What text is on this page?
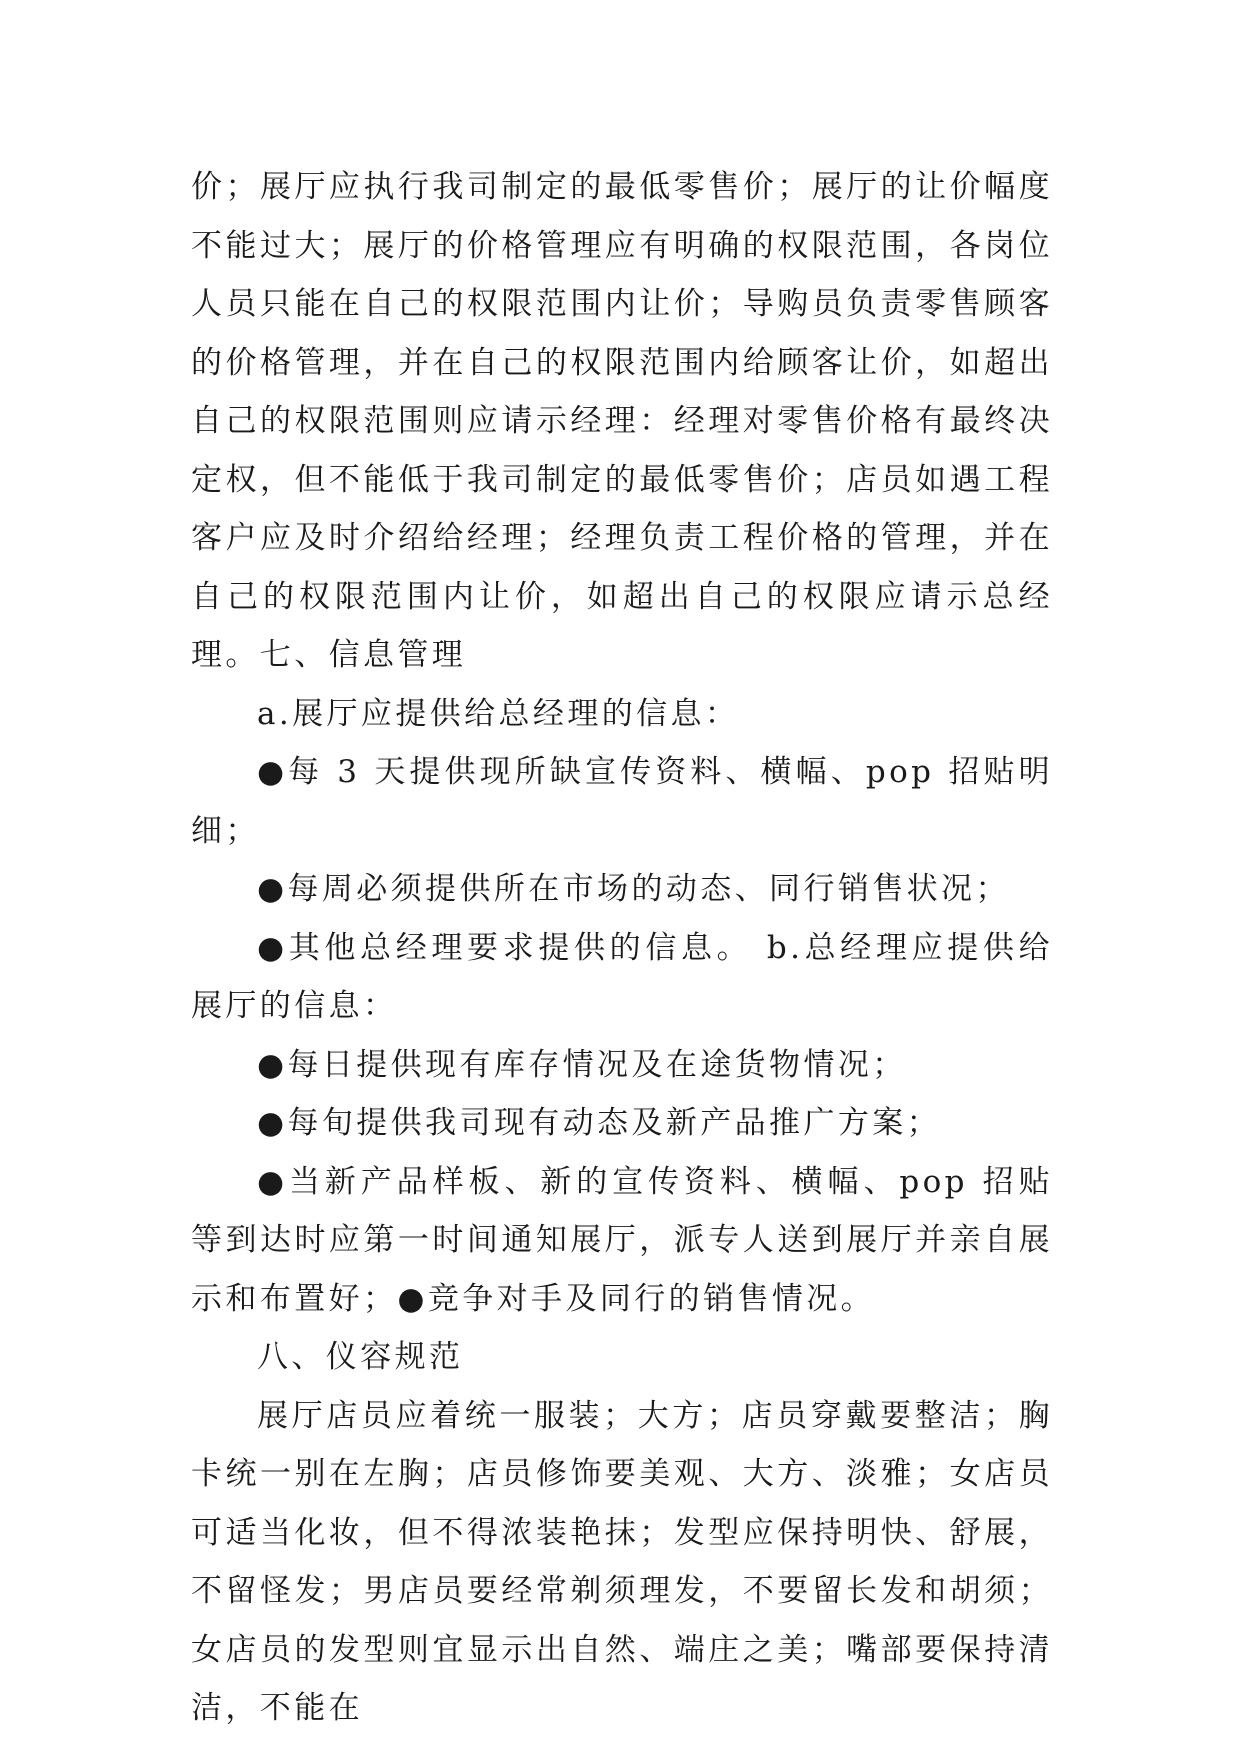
价；展厅应执行我司制定的最低零售价；展厅的让价幅度不能过大；展厅的价格管理应有明确的权限范围，各岗位人员只能在自己的权限范围内让价；导购员负责零售顾客的价格管理，并在自己的权限范围内给顾客让价，如超出自己的权限范围则应请示经理：经理对零售价格有最终决定权，但不能低于我司制定的最低零售价；店员如遇工程客户应及时介绍给经理；经理负责工程价格的管理，并在自己的权限范围内让价，如超出自己的权限应请示总经理。七、信息管理

a.展厅应提供给总经理的信息：

●每 3 天提供现所缺宣传资料、横幅、pop 招贴明细；

●每周必须提供所在市场的动态、同行销售状况；

●其他总经理要求提供的信息。 b.总经理应提供给展厅的信息：

●每日提供现有库存情况及在途货物情况；

●每旬提供我司现有动态及新产品推广方案；

●当新产品样板、新的宣传资料、横幅、pop 招贴等到达时应第一时间通知展厅，派专人送到展厅并亲自展示和布置好；●竞争对手及同行的销售情况。

八、仪容规范

展厅店员应着统一服装；大方；店员穿戴要整洁；胸卡统一别在左胸；店员修饰要美观、大方、淡雅；女店员可适当化妆，但不得浓装艳抹；发型应保持明快、舒展，不留怪发；男店员要经常剃须理发，不要留长发和胡须；女店员的发型则宜显示出自然、端庄之美；嘴部要保持清洁，不能在
